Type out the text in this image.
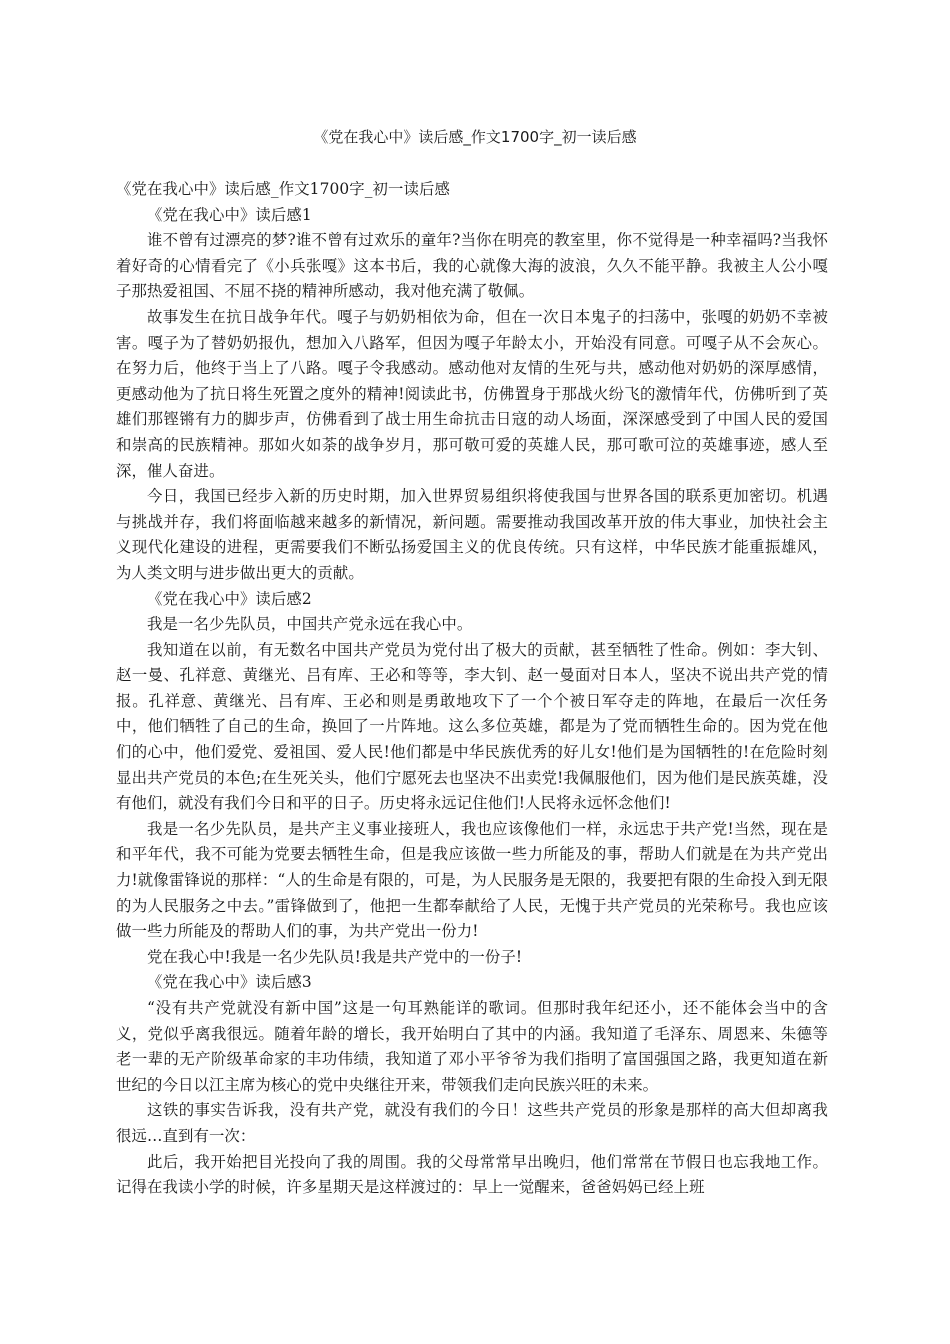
《党在我心中》读后感_作文1700字_初一读后感

《党在我心中》读后感_作文1700字_初一读后感

《党在我心中》读后感1

谁不曾有过漂亮的梦?谁不曾有过欢乐的童年?当你在明亮的教室里，你不觉得是一种幸福吗?当我怀着好奇的心情看完了《小兵张嘎》这本书后，我的心就像大海的波浪，久久不能平静。我被主人公小嘎子那热爱祖国、不屈不挠的精神所感动，我对他充满了敬佩。

故事发生在抗日战争年代。嘎子与奶奶相依为命，但在一次日本鬼子的扫荡中，张嘎的奶奶不幸被害。嘎子为了替奶奶报仇，想加入八路军，但因为嘎子年龄太小，开始没有同意。可嘎子从不会灰心。在努力后，他终于当上了八路。嘎子令我感动。感动他对友情的生死与共，感动他对奶奶的深厚感情，更感动他为了抗日将生死置之度外的精神!阅读此书，仿佛置身于那战火纷飞的激情年代，仿佛听到了英雄们那铿锵有力的脚步声，仿佛看到了战士用生命抗击日寇的动人场面，深深感受到了中国人民的爱国和崇高的民族精神。那如火如荼的战争岁月，那可敬可爱的英雄人民，那可歌可泣的英雄事迹，感人至深，催人奋进。

今日，我国已经步入新的历史时期，加入世界贸易组织将使我国与世界各国的联系更加密切。机遇与挑战并存，我们将面临越来越多的新情况，新问题。需要推动我国改革开放的伟大事业，加快社会主义现代化建设的进程，更需要我们不断弘扬爱国主义的优良传统。只有这样，中华民族才能重振雄风，为人类文明与进步做出更大的贡献。

《党在我心中》读后感2

我是一名少先队员，中国共产党永远在我心中。

我知道在以前，有无数名中国共产党员为党付出了极大的贡献，甚至牺牲了性命。例如：李大钊、赵一曼、孔祥意、黄继光、吕有库、王必和等等，李大钊、赵一曼面对日本人，坚决不说出共产党的情报。孔祥意、黄继光、吕有库、王必和则是勇敢地攻下了一个个被日军夺走的阵地，在最后一次任务中，他们牺牲了自己的生命，换回了一片阵地。这么多位英雄，都是为了党而牺牲生命的。因为党在他们的心中，他们爱党、爱祖国、爱人民!他们都是中华民族优秀的好儿女!他们是为国牺牲的!在危险时刻显出共产党员的本色;在生死关头，他们宁愿死去也坚决不出卖党!我佩服他们，因为他们是民族英雄，没有他们，就没有我们今日和平的日子。历史将永远记住他们!人民将永远怀念他们!

我是一名少先队员，是共产主义事业接班人，我也应该像他们一样，永远忠于共产党!当然，现在是和平年代，我不可能为党要去牺牲生命，但是我应该做一些力所能及的事，帮助人们就是在为共产党出力!就像雷锋说的那样：“人的生命是有限的，可是，为人民服务是无限的，我要把有限的生命投入到无限的为人民服务之中去。”雷锋做到了，他把一生都奉献给了人民，无愧于共产党员的光荣称号。我也应该做一些力所能及的帮助人们的事，为共产党出一份力!

党在我心中!我是一名少先队员!我是共产党中的一份子!

《党在我心中》读后感3

“没有共产党就没有新中国”这是一句耳熟能详的歌词。但那时我年纪还小，还不能体会当中的含义，党似乎离我很远。随着年龄的增长，我开始明白了其中的内涵。我知道了毛泽东、周恩来、朱德等老一辈的无产阶级革命家的丰功伟绩，我知道了邓小平爷爷为我们指明了富国强国之路，我更知道在新世纪的今日以江主席为核心的党中央继往开来，带领我们走向民族兴旺的未来。

这铁的事实告诉我，没有共产党，就没有我们的今日！这些共产党员的形象是那样的高大但却离我很远…直到有一次：

此后，我开始把目光投向了我的周围。我的父母常常早出晚归，他们常常在节假日也忘我地工作。记得在我读小学的时候，许多星期天是这样渡过的：早上一觉醒来，爸爸妈妈已经上班
